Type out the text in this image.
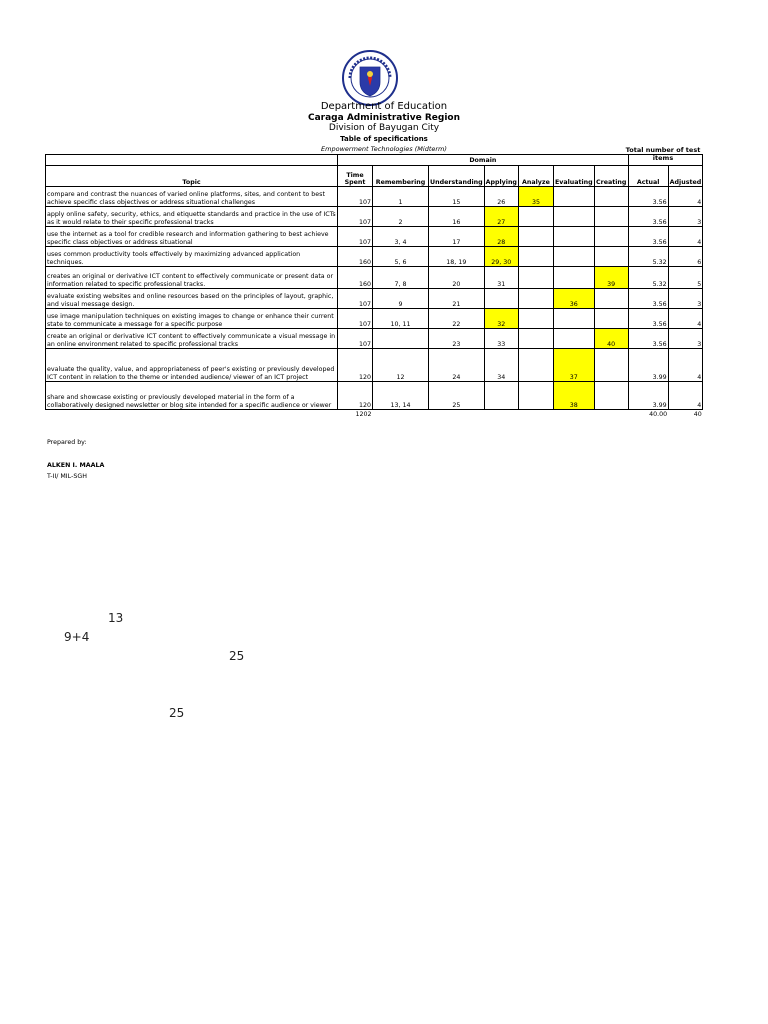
Department of Education
Caraga Administrative Region
Division of Bayugan City
Table of specifications
Empowerment Technologies (Midterm)	Total number of test items
	Domain								
Topic	Time Spent	Remembering	Understanding	Applying	Analyze	Evaluating	Creating	Actual	Adjusted
compare and contrast the nuances of varied online platforms, sites, and content to best achieve specific class objectives or address situational challenges	107	1	15	26	35			3.56	4
apply online safety, security, ethics, and etiquette standards and practice in the use of ICTs as it would relate to their specific professional tracks	107	2	16	27				3.56	3
use the internet as a tool for credible research and information gathering to best achieve specific class objectives or address situational	107	3, 4	17	28				3.56	4
uses common productivity tools effectively by maximizing advanced application techniques.	160	5, 6	18, 19	29, 30				5.32	6
creates an original or derivative ICT content to effectively communicate or present data or information related to specific professional tracks.	160	7, 8	20	31			39	5.32	5
evaluate existing websites and online resources based on the principles of layout, graphic, and visual message design.	107	9	21			36		3.56	3
use image manipulation techniques on existing images to change or enhance their current state to communicate a message for a specific purpose	107	10, 11	22	32				3.56	4
create an original or derivative ICT content to effectively communicate a visual message in an online environment related to specific professional tracks	107		23	33			40	3.56	3
evaluate the quality, value, and appropriateness of peer's existing or previously developed ICT content in relation to the theme or intended audience/ viewer of an ICT project	120	12	24	34		37		3.99	4
share and showcase existing or previously developed material in the form of a collaboratively designed newsletter or blog site intended for a specific audience or viewer	120	13, 14	25			38		3.99	4
	1202							40.00	40
Prepared by:
ALKEN I. MAALA
T-II/ MIL-SGH
13
9+4
25
25
